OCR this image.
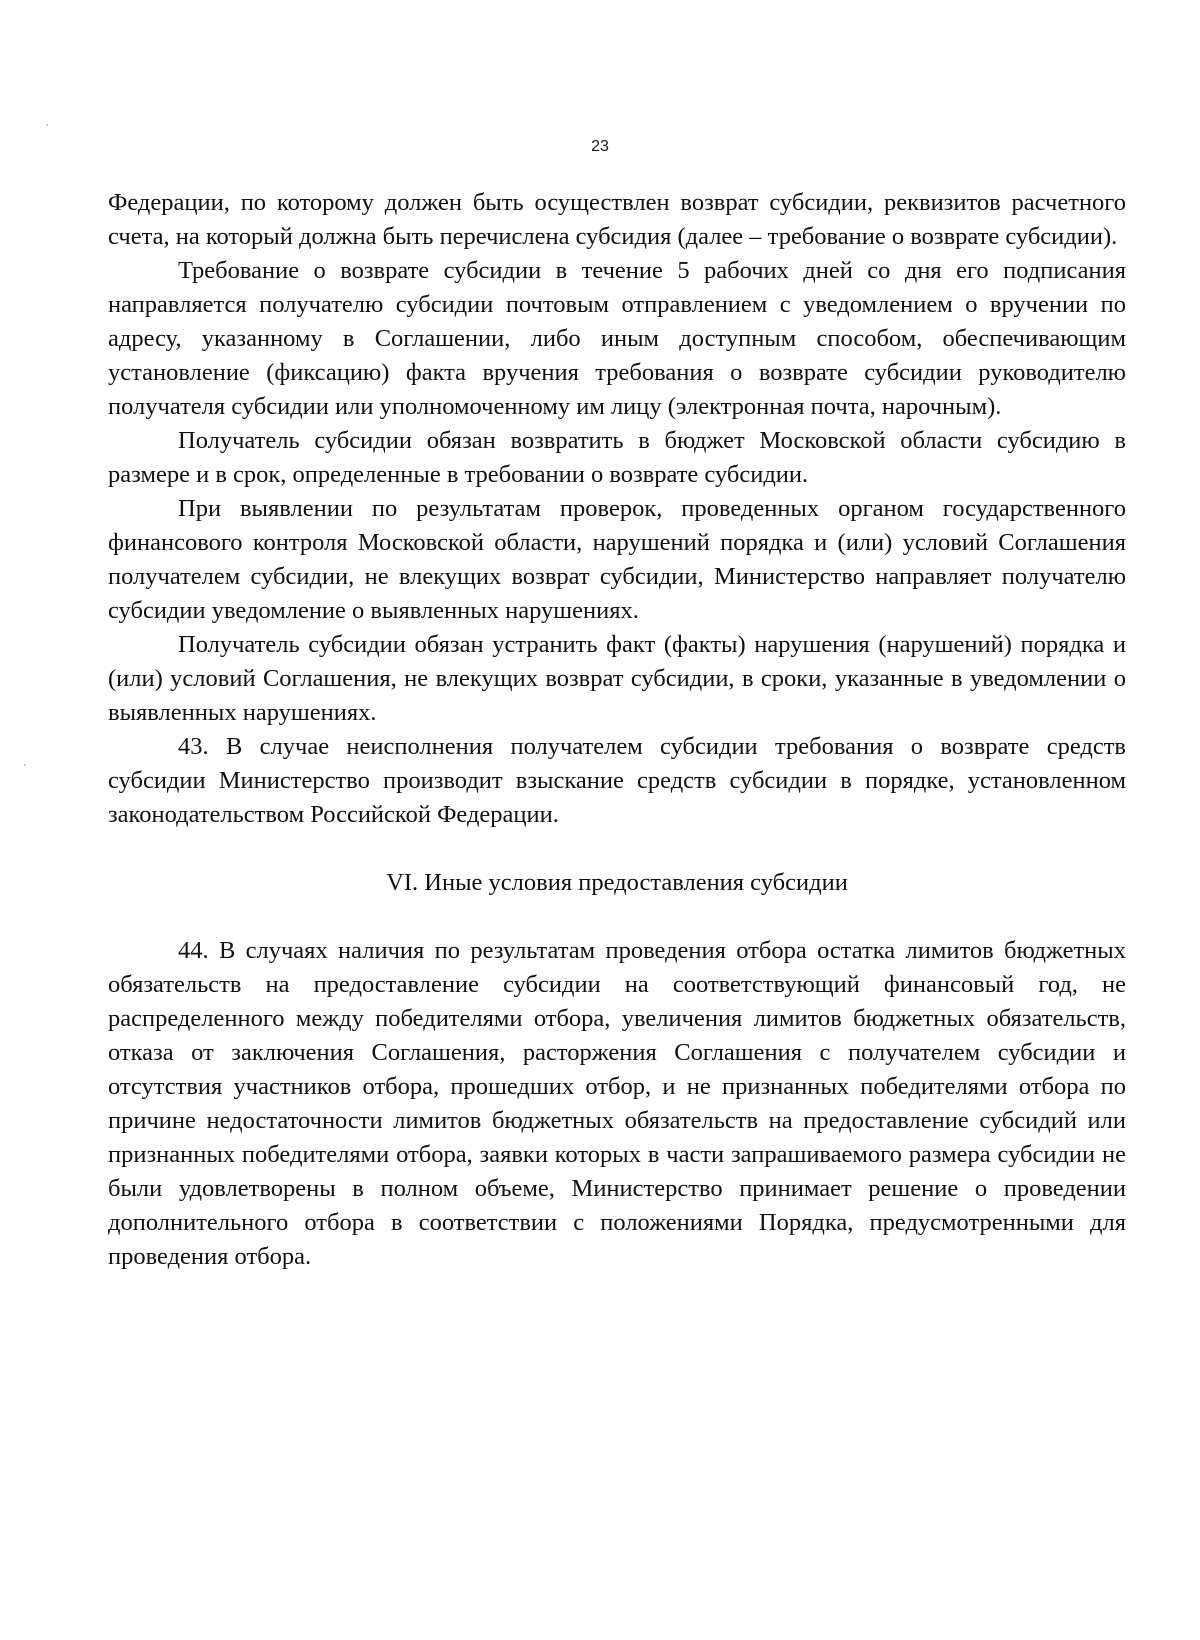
23

Федерации, по которому должен быть осуществлен возврат субсидии, реквизитов расчетного счета, на который должна быть перечислена субсидия (далее – требование о возврате субсидии).

Требование о возврате субсидии в течение 5 рабочих дней со дня его подписания направляется получателю субсидии почтовым отправлением с уведомлением о вручении по адресу, указанному в Соглашении, либо иным доступным способом, обеспечивающим установление (фиксацию) факта вручения требования о возврате субсидии руководителю получателя субсидии или уполномоченному им лицу (электронная почта, нарочным).

Получатель субсидии обязан возвратить в бюджет Московской области субсидию в размере и в срок, определенные в требовании о возврате субсидии.

При выявлении по результатам проверок, проведенных органом государственного финансового контроля Московской области, нарушений порядка и (или) условий Соглашения получателем субсидии, не влекущих возврат субсидии, Министерство направляет получателю субсидии уведомление о выявленных нарушениях.

Получатель субсидии обязан устранить факт (факты) нарушения (нарушений) порядка и (или) условий Соглашения, не влекущих возврат субсидии, в сроки, указанные в уведомлении о выявленных нарушениях.

43. В случае неисполнения получателем субсидии требования о возврате средств субсидии Министерство производит взыскание средств субсидии в порядке, установленном законодательством Российской Федерации.

VI. Иные условия предоставления субсидии

44. В случаях наличия по результатам проведения отбора остатка лимитов бюджетных обязательств на предоставление субсидии на соответствующий финансовый год, не распределенного между победителями отбора, увеличения лимитов бюджетных обязательств, отказа от заключения Соглашения, расторжения Соглашения с получателем субсидии и отсутствия участников отбора, прошедших отбор, и не признанных победителями отбора по причине недостаточности лимитов бюджетных обязательств на предоставление субсидий или признанных победителями отбора, заявки которых в части запрашиваемого размера субсидии не были удовлетворены в полном объеме, Министерство принимает решение о проведении дополнительного отбора в соответствии с положениями Порядка, предусмотренными для проведения отбора.
